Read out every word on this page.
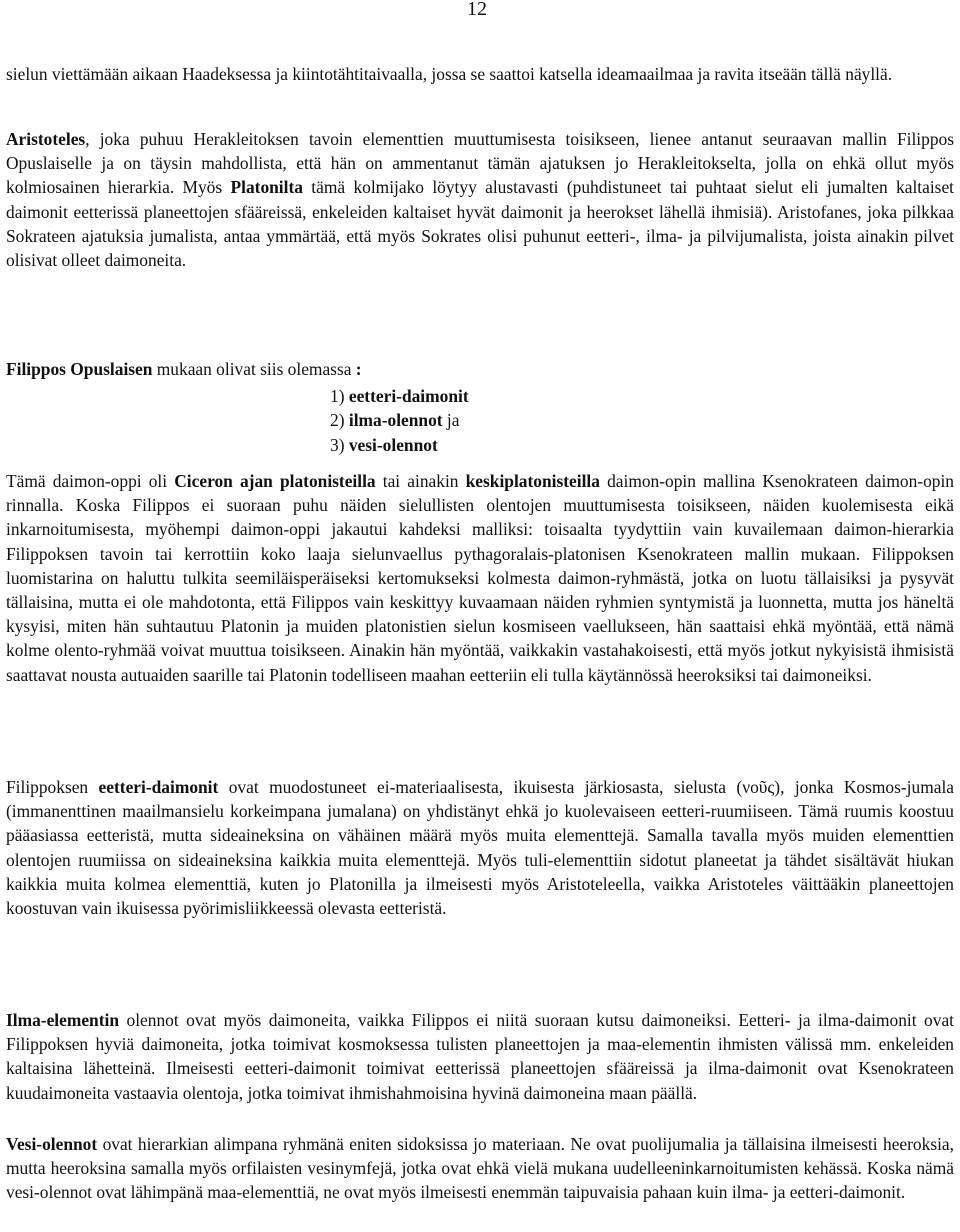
12

sielun viettämään aikaan Haadeksessa ja kiintotähtitaivaalla, jossa se saattoi katsella ideamaailmaa ja ravita itseään tällä näyllä.

Aristoteles, joka puhuu Herakleitoksen tavoin elementtien muuttumisesta toisikseen, lienee antanut seuraavan mallin Filippos Opuslaiselle ja on täysin mahdollista, että hän on ammentanut tämän ajatuksen jo Herakleitokselta, jolla on ehkä ollut myös kolmiosainen hierarkia. Myös Platonilta tämä kolmijako löytyy alustavasti (puhdistuneet tai puhtaat sielut eli jumalten kaltaiset daimonit eetterissä planeettojen sfääreissä, enkeleiden kaltaiset hyvät daimonit ja heerokset lähellä ihmisiä). Aristofanes, joka pilkkaa Sokrateen ajatuksia jumalista, antaa ymmärtää, että myös Sokrates olisi puhunut eetteri-, ilma- ja pilvijumalista, joista ainakin pilvet olisivat olleet daimoneita.

Filippos Opuslaisen mukaan olivat siis olemassa :

1) eetteri-daimonit
2) ilma-olennot ja
3) vesi-olennot

Tämä daimon-oppi oli Ciceron ajan platonisteilla tai ainakin keskiplatonisteilla daimon-opin mallina Ksenokrateen daimon-opin rinnalla. Koska Filippos ei suoraan puhu näiden sielullisten olentojen muuttumisesta toisikseen, näiden kuolemisesta eikä inkarnoitumisesta, myöhempi daimon-oppi jakautui kahdeksi malliksi: toisaalta tyydyttiin vain kuvailemaan daimon-hierarkia Filippoksen tavoin tai kerrottiin koko laaja sielunvaellus pythagoralais-platonisen Ksenokrateen mallin mukaan. Filippoksen luomistarina on haluttu tulkita seemiläisperäiseksi kertomukseksi kolmesta daimon-ryhmästä, jotka on luotu tällaisiksi ja pysyvät tällaisina, mutta ei ole mahdotonta, että Filippos vain keskittyy kuvaamaan näiden ryhmien syntymistä ja luonnetta, mutta jos häneltä kysyisi, miten hän suhtautuu Platonin ja muiden platonistien sielun kosmiseen vaellukseen, hän saattaisi ehkä myöntää, että nämä kolme olento-ryhmää voivat muuttua toisikseen. Ainakin hän myöntää, vaikkakin vastahakoisesti, että myös jotkut nykyisistä ihmisistä saattavat nousta autuaiden saarille tai Platonin todelliseen maahan eetteriin eli tulla käytännössä heeroksiksi tai daimoneiksi.

Filippoksen eetteri-daimonit ovat muodostuneet ei-materiaalisesta, ikuisesta järkiosasta, sielusta (νοῦς), jonka Kosmos-jumala (immanenttinen maailmansielu korkeimpana jumalana) on yhdistänyt ehkä jo kuolevaiseen eetteri-ruumiiseen. Tämä ruumis koostuu pääasiassa eetteristä, mutta sideaineksina on vähäinen määrä myös muita elementtejä. Samalla tavalla myös muiden elementtien olentojen ruumiissa on sideaineksina kaikkia muita elementtejä. Myös tuli-elementtiin sidotut planeetat ja tähdet sisältävät hiukan kaikkia muita kolmea elementtiä, kuten jo Platonilla ja ilmeisesti myös Aristoteleella, vaikka Aristoteles väittääkin planeettojen koostuvan vain ikuisessa pyörimisliikkeessä olevasta eetteristä.

Ilma-elementin olennot ovat myös daimoneita, vaikka Filippos ei niitä suoraan kutsu daimoneiksi. Eetteri- ja ilma-daimonit ovat Filippoksen hyviä daimoneita, jotka toimivat kosmoksessa tulisten planeettojen ja maa-elementin ihmisten välissä mm. enkeleiden kaltaisina lähetteinä. Ilmeisesti eetteri-daimonit toimivat eetterissä planeettojen sfääreissä ja ilma-daimonit ovat Ksenokrateen kuudaimoneita vastaavia olentoja, jotka toimivat ihmishahmoisina hyvinä daimoneina maan päällä.

Vesi-olennot ovat hierarkian alimpana ryhmänä eniten sidoksissa jo materiaan. Ne ovat puolijumalia ja tällaisina ilmeisesti heeroksia, mutta heeroksina samalla myös orfilaisten vesinymfejä, jotka ovat ehkä vielä mukana uudelleeninkarnoitumisten kehässä. Koska nämä vesi-olennot ovat lähimpänä maa-elementtiä, ne ovat myös ilmeisesti enemmän taipuvaisia pahaan kuin ilma- ja eetteri-daimonit.
